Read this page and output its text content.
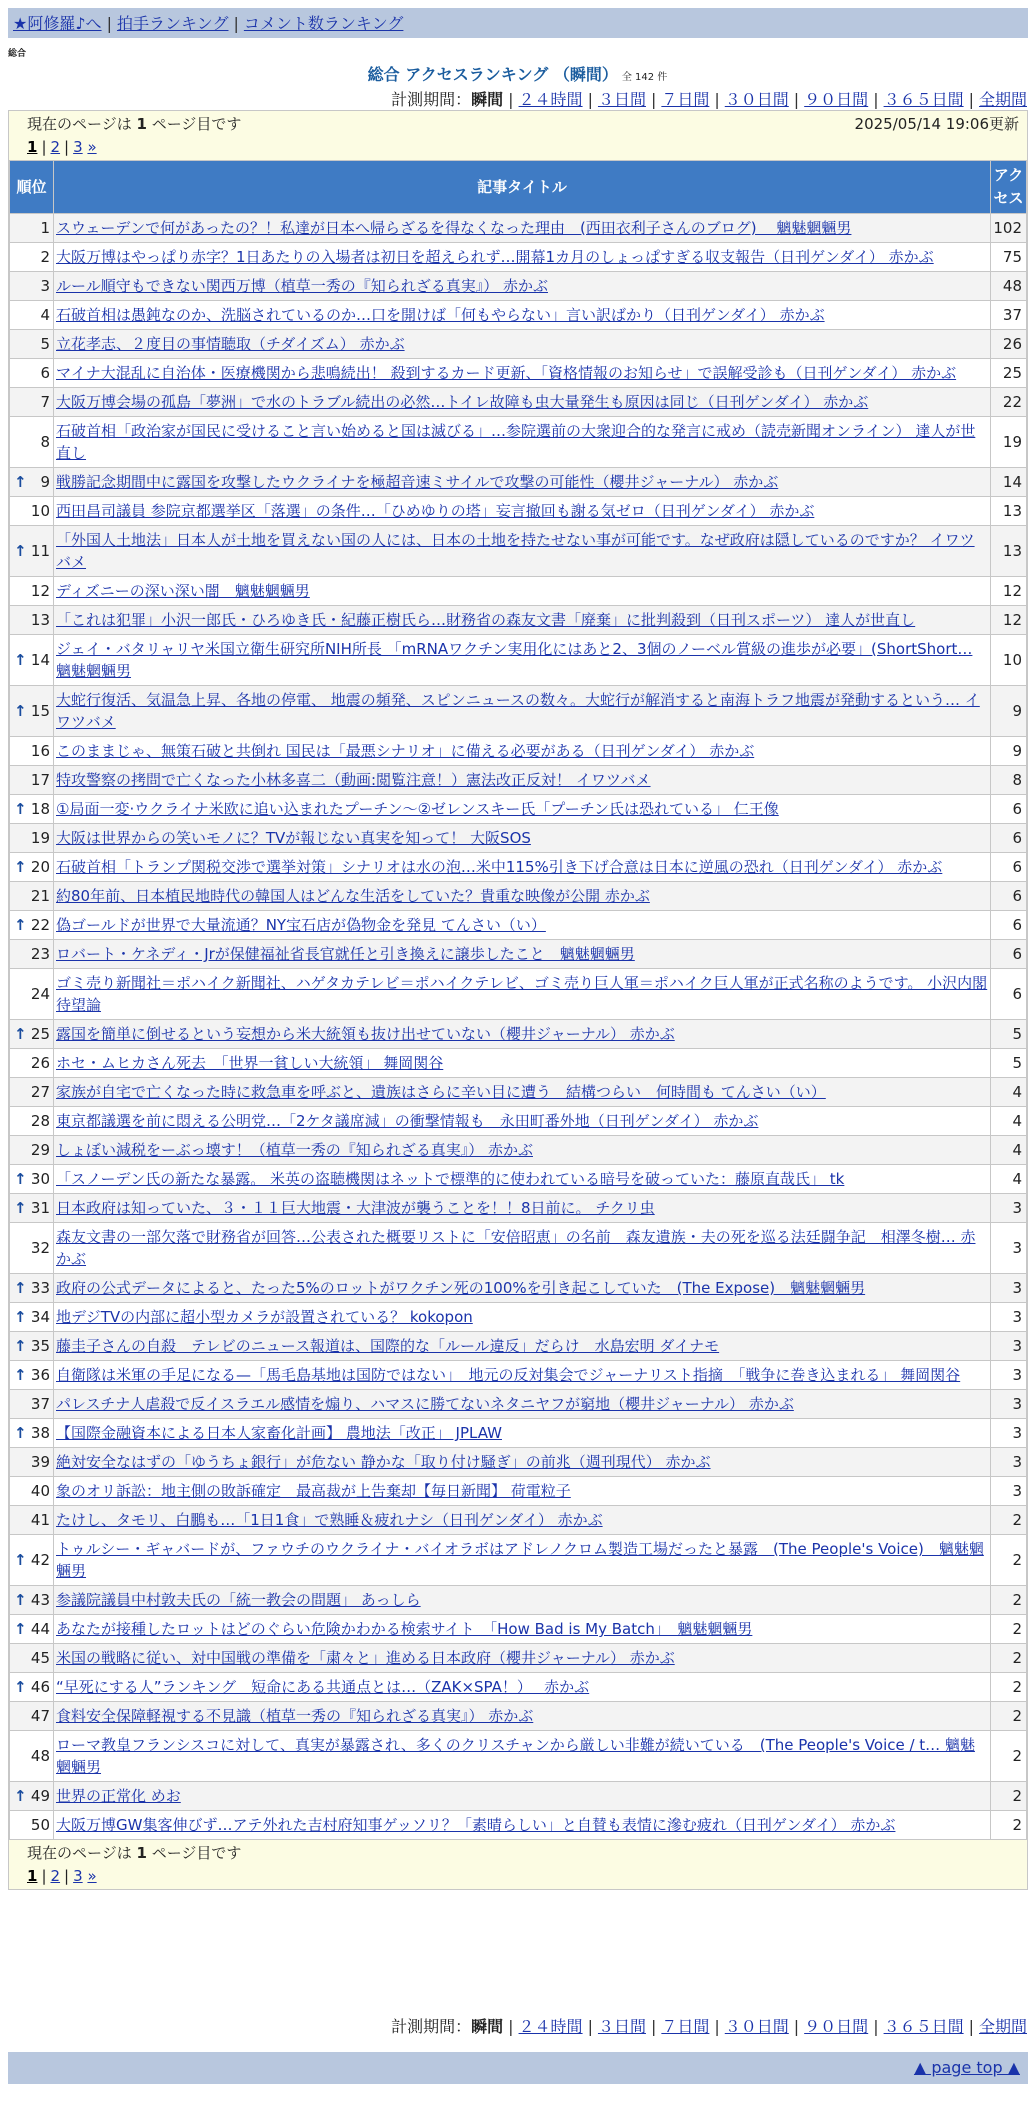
★阿修羅♪へ | 拍手ランキング | コメント数ランキング
総合
総合 アクセスランキング （瞬間） 全 142 件
計測期間：瞬間 | ２４時間 | ３日間 | ７日間 | ３０日間 | ９０日間 | ３６５日間 | 全期間
現在のページは 1 ページ目です	2025/05/14 19:06更新
1 | 2 | 3 »
順位	記事タイトル	アクセス
1	スウェーデンで何があったの？！私達が日本へ帰らざるを得なくなった理由　(西田衣利子さんのブログ)　 魑魅魍魎男	102
2	大阪万博はやっぱり赤字？1日あたりの入場者は初日を超えられず…開幕1カ月のしょっぱすぎる収支報告（日刊ゲンダイ） 赤かぶ	75
3	ルール順守もできない関西万博（植草一秀の『知られざる真実』） 赤かぶ	48
4	石破首相は愚鈍なのか、洗脳されているのか…口を開けば「何もやらない」言い訳ばかり（日刊ゲンダイ） 赤かぶ	37
5	立花孝志、２度目の事情聴取（チダイズム） 赤かぶ	26
6	マイナ大混乱に自治体・医療機関から悲鳴続出！ 殺到するカード更新、「資格情報のお知らせ」で誤解受診も（日刊ゲンダイ） 赤かぶ	25
7	大阪万博会場の孤島「夢洲」で水のトラブル続出の必然…トイレ故障も虫大量発生も原因は同じ（日刊ゲンダイ） 赤かぶ	22
8	石破首相「政治家が国民に受けること言い始めると国は滅びる」…参院選前の大衆迎合的な発言に戒め（読売新聞オンライン） 達人が世直し	19

↑ 9	戦勝記念期間中に露国を攻撃したウクライナを極超音速ミサイルで攻撃の可能性（櫻井ジャーナル） 赤かぶ	14
10	西田昌司議員 参院京都選挙区「落選」の条件…「ひめゆりの塔」妄言撤回も謝る気ゼロ（日刊ゲンダイ） 赤かぶ	13

↑ 11	「外国人土地法」日本人が土地を買えない国の人には、日本の土地を持たせない事が可能です。なぜ政府は隠しているのですか？ イワツバメ	13
12	ディズニーの深い深い闇　魑魅魍魎男	12
13	「これは犯罪」小沢一郎氏・ひろゆき氏・紀藤正樹氏ら…財務省の森友文書「廃棄」に批判殺到（日刊スポーツ） 達人が世直し	12

↑ 14	ジェイ・バタリャリヤ米国立衛生研究所NIH所長 「mRNAワクチン実用化にはあと2、3個のノーベル賞級の進歩が必要」(ShortShort… 魑魅魍魎男	10

↑ 15	大蛇行復活、気温急上昇、各地の停電、 地震の頻発、スピンニュースの数々。大蛇行が解消すると南海トラフ地震が発動するという… イワツバメ	9
16	このままじゃ、無策石破と共倒れ 国民は「最悪シナリオ」に備える必要がある（日刊ゲンダイ） 赤かぶ	9
17	特攻警察の拷問で亡くなった小林多喜二（動画:閲覧注意！）憲法改正反対！ イワツバメ	8

↑ 18	①局面一変·ウクライナ米欧に追い込まれたプーチン〜②ゼレンスキー氏「プーチン氏は恐れている」 仁王像	6
19	大阪は世界からの笑いモノに？TVが報じない真実を知って！ 大阪SOS	6

↑ 20	石破首相「トランプ関税交渉で選挙対策」シナリオは水の泡…米中115%引き下げ合意は日本に逆風の恐れ（日刊ゲンダイ） 赤かぶ	6
21	約80年前、日本植民地時代の韓国人はどんな生活をしていた？貴重な映像が公開 赤かぶ	6

↑ 22	偽ゴールドが世界で大量流通？NY宝石店が偽物金を発見 てんさい（い）	6
23	ロバート・ケネディ・Jrが保健福祉省長官就任と引き換えに譲歩したこと　魑魅魍魎男	6
24	ゴミ売り新聞社＝ポハイク新聞社、ハゲタカテレビ＝ポハイクテレビ、ゴミ売り巨人軍＝ポハイク巨人軍が正式名称のようです。 小沢内閣待望論	6

↑ 25	露国を簡単に倒せるという妄想から米大統領も抜け出せていない（櫻井ジャーナル） 赤かぶ	5
26	ホセ・ムヒカさん死去　「世界一貧しい大統領」 舞岡関谷	5
27	家族が自宅で亡くなった時に救急車を呼ぶと、遺族はさらに辛い目に遭う　結構つらい　何時間も てんさい（い）	4
28	東京都議選を前に悶える公明党…「2ケタ議席減」の衝撃情報も　永田町番外地（日刊ゲンダイ） 赤かぶ	4
29	しょぼい減税をーぶっ壊す！（植草一秀の『知られざる真実』） 赤かぶ	4

↑ 30	「スノーデン氏の新たな暴露。 米英の盗聴機関はネットで標準的に使われている暗号を破っていた：藤原直哉氏」 tk	4

↑ 31	日本政府は知っていた、３・１１巨大地震・大津波が襲うことを！！8日前に。 チクリ虫	3
32	森友文書の一部欠落で財務省が回答…公表された概要リストに「安倍昭恵」の名前　森友遺族・夫の死を巡る法廷闘争記　相澤冬樹… 赤かぶ	3

↑ 33	政府の公式データによると、たった5%のロットがワクチン死の100%を引き起こしていた　(The Expose)　魑魅魍魎男	3

↑ 34	地デジTVの内部に超小型カメラが設置されている？ kokopon	3

↑ 35	藤圭子さんの自殺　テレビのニュース報道は、国際的な「ルール違反」だらけ　水島宏明 ダイナモ	3

↑ 36	自衛隊は米軍の手足になる—「馬毛島基地は国防ではない」　地元の反対集会でジャーナリスト指摘　「戦争に巻き込まれる」 舞岡関谷	3
37	パレスチナ人虐殺で反イスラエル感情を煽り、ハマスに勝てないネタニヤフが窮地（櫻井ジャーナル） 赤かぶ	3

↑ 38	【国際金融資本による日本人家畜化計画】 農地法「改正」 JPLAW	3
39	絶対安全なはずの「ゆうちょ銀行」が危ない 静かな「取り付け騒ぎ」の前兆（週刊現代） 赤かぶ	3
40	象のオリ訴訟：地主側の敗訴確定　最高裁が上告棄却【毎日新聞】 荷電粒子	3
41	たけし、タモリ、白鵬も…「1日1食」で熟睡＆疲れナシ（日刊ゲンダイ） 赤かぶ	2

↑ 42	トゥルシー・ギャバードが、ファウチのウクライナ・バイオラボはアドレノクロム製造工場だったと暴露　(The People's Voice)　魑魅魍魎男	2

↑ 43	参議院議員中村敦夫氏の「統一教会の問題」 あっしら	2

↑ 44	あなたが接種したロットはどのぐらい危険かわかる検索サイト　「How Bad is My Batch」　魑魅魍魎男	2
45	米国の戦略に従い、対中国戦の準備を「粛々と」進める日本政府（櫻井ジャーナル） 赤かぶ	2

↑ 46	“早死にする人”ランキング　短命にある共通点とは…（ZAK×SPA！）　 赤かぶ	2
47	食料安全保障軽視する不見識（植草一秀の『知られざる真実』） 赤かぶ	2
48	ローマ教皇フランシスコに対して、真実が暴露され、多くのクリスチャンから厳しい非難が続いている　(The People's Voice / t… 魑魅魍魎男	2

↑ 49	世界の正常化 めお	2
50	大阪万博GW集客伸びず…アテ外れた吉村府知事ゲッソリ？「素晴らしい」と自賛も表情に滲む疲れ（日刊ゲンダイ） 赤かぶ	2
現在のページは 1 ページ目です
1 | 2 | 3 »
計測期間：瞬間 | ２４時間 | ３日間 | ７日間 | ３０日間 | ９０日間 | ３６５日間 | 全期間
▲ page top ▲
